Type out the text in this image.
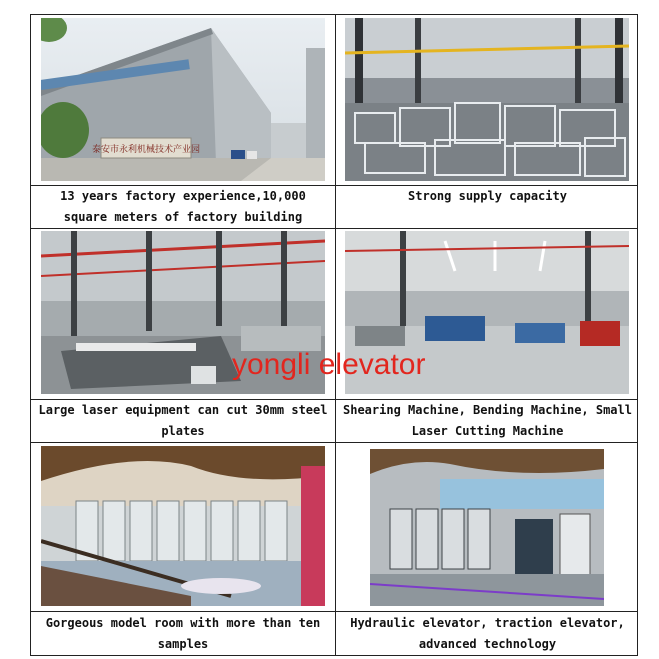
泰安市永利机械技术产业园
13 years factory experience,10,000 square meters of factory building
Strong supply capacity
Large laser equipment can cut 30mm steel plates
Shearing Machine, Bending Machine, Small Laser Cutting Machine
Gorgeous model room with more than ten samples
Hydraulic elevator, traction elevator, advanced technology
yongli elevator
